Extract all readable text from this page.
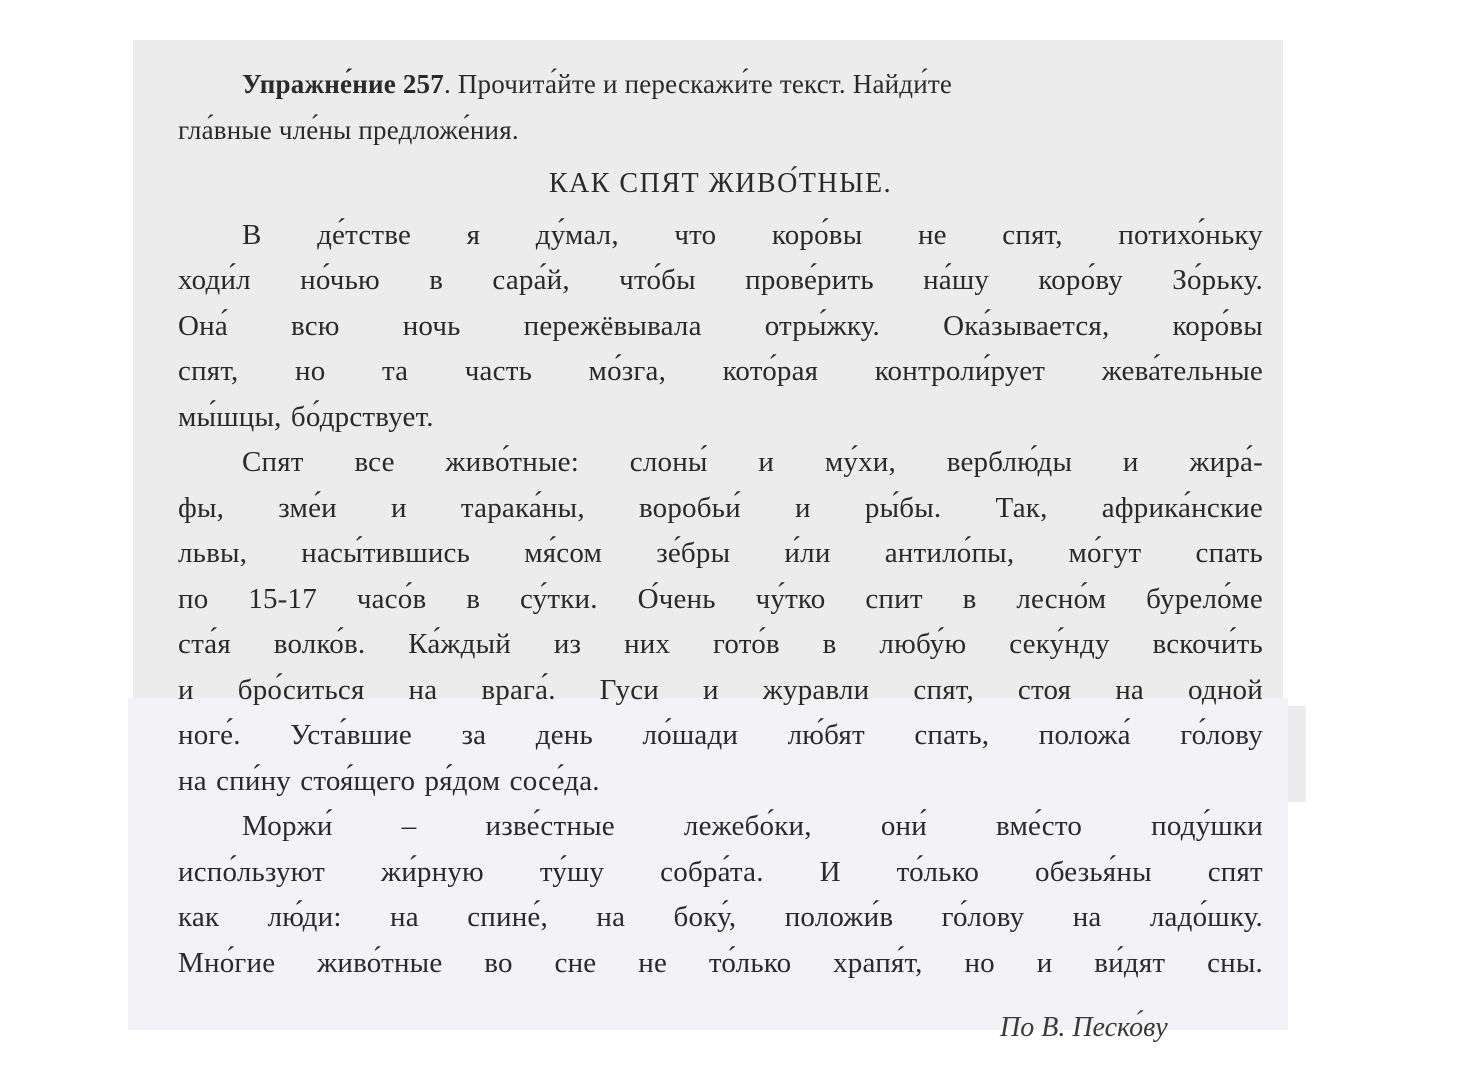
Упражне́ние 257. Прочита́йте и перескажи́те текст. Найди́те
гла́вные чле́ны предложе́ния.
КАК СПЯТ ЖИВО́ТНЫЕ.
В де́тстве я ду́мал, что коро́вы не спят, потихо́ньку
ходи́л но́чью в сара́й, что́бы прове́рить на́шу коро́ву Зо́рьку.
Она́ всю ночь пережёвывала отры́жку. Ока́зывается, коро́вы
спят, но та часть мо́зга, кото́рая контроли́рует жева́тельные
мы́шцы, бо́дрствует.
Спят все живо́тные: слоны́ и му́хи, верблю́ды и жира́-
фы, зме́и и тарака́ны, воробьи́ и ры́бы. Так, африка́нские
львы, насы́тившись мя́сом зе́бры и́ли антило́пы, мо́гут спать
по 15-17 часо́в в су́тки. О́чень чу́тко спит в лесно́м бурело́ме
ста́я волко́в. Ка́ждый из них гото́в в любу́ю секу́нду вскочи́ть
и бро́ситься на врага́. Гуси и журавли спят, стоя на одной
ноге́. Уста́вшие за день ло́шади лю́бят спать, положа́ го́лову
на спи́ну стоя́щего ря́дом сосе́да.
Моржи́ – изве́стные лежебо́ки, они́ вме́сто поду́шки
испо́льзуют жи́рную ту́шу собра́та. И то́лько обезья́ны спят
как лю́ди: на спине́, на боку́, положи́в го́лову на ладо́шку.
Мно́гие живо́тные во сне не то́лько храпя́т, но и ви́дят сны.
По В. Песко́ву
